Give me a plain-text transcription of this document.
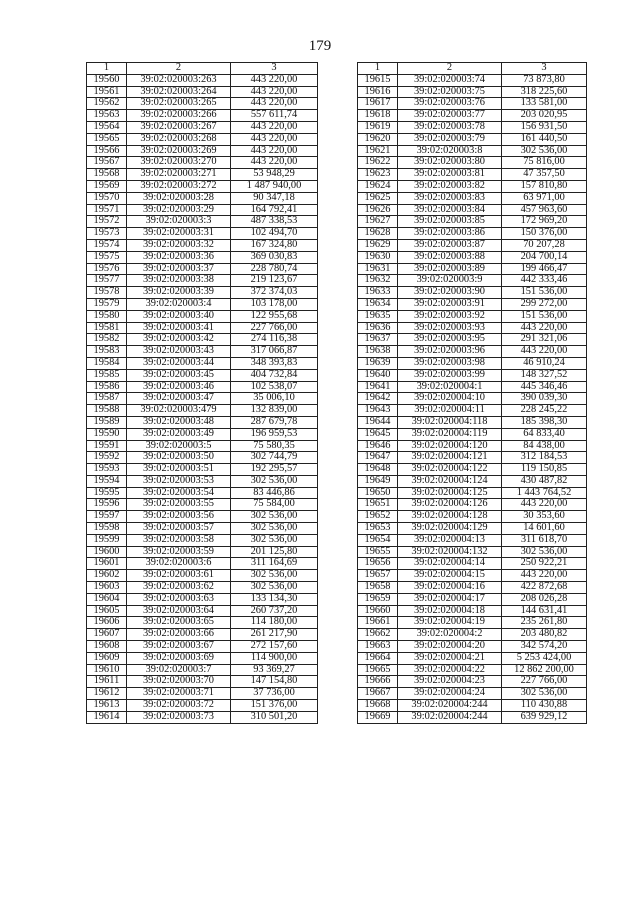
179
1	2	3
19560	39:02:020003:263	443 220,00
19561	39:02:020003:264	443 220,00
19562	39:02:020003:265	443 220,00
19563	39:02:020003:266	557 611,74
19564	39:02:020003:267	443 220,00
19565	39:02:020003:268	443 220,00
19566	39:02:020003:269	443 220,00
19567	39:02:020003:270	443 220,00
19568	39:02:020003:271	53 948,29
19569	39:02:020003:272	1 487 940,00
19570	39:02:020003:28	90 347,18
19571	39:02:020003:29	164 792,41
19572	39:02:020003:3	487 338,53
19573	39:02:020003:31	102 494,70
19574	39:02:020003:32	167 324,80
19575	39:02:020003:36	369 030,83
19576	39:02:020003:37	228 780,74
19577	39:02:020003:38	219 123,67
19578	39:02:020003:39	372 374,03
19579	39:02:020003:4	103 178,00
19580	39:02:020003:40	122 955,68
19581	39:02:020003:41	227 766,00
19582	39:02:020003:42	274 116,38
19583	39:02:020003:43	317 066,87
19584	39:02:020003:44	348 393,83
19585	39:02:020003:45	404 732,84
19586	39:02:020003:46	102 538,07
19587	39:02:020003:47	35 006,10
19588	39:02:020003:479	132 839,00
19589	39:02:020003:48	287 679,78
19590	39:02:020003:49	196 959,53
19591	39:02:020003:5	75 580,35
19592	39:02:020003:50	302 744,79
19593	39:02:020003:51	192 295,57
19594	39:02:020003:53	302 536,00
19595	39:02:020003:54	83 446,86
19596	39:02:020003:55	75 584,00
19597	39:02:020003:56	302 536,00
19598	39:02:020003:57	302 536,00
19599	39:02:020003:58	302 536,00
19600	39:02:020003:59	201 125,80
19601	39:02:020003:6	311 164,69
19602	39:02:020003:61	302 536,00
19603	39:02:020003:62	302 536,00
19604	39:02:020003:63	133 134,30
19605	39:02:020003:64	260 737,20
19606	39:02:020003:65	114 180,00
19607	39:02:020003:66	261 217,90
19608	39:02:020003:67	272 157,60
19609	39:02:020003:69	114 900,00
19610	39:02:020003:7	93 369,27
19611	39:02:020003:70	147 154,80
19612	39:02:020003:71	37 736,00
19613	39:02:020003:72	151 376,00
19614	39:02:020003:73	310 501,20
1	2	3
19615	39:02:020003:74	73 873,80
19616	39:02:020003:75	318 225,60
19617	39:02:020003:76	133 581,00
19618	39:02:020003:77	203 020,95
19619	39:02:020003:78	156 931,50
19620	39:02:020003:79	161 440,50
19621	39:02:020003:8	302 536,00
19622	39:02:020003:80	75 816,00
19623	39:02:020003:81	47 357,50
19624	39:02:020003:82	157 810,80
19625	39:02:020003:83	63 971,00
19626	39:02:020003:84	457 963,60
19627	39:02:020003:85	172 969,20
19628	39:02:020003:86	150 376,00
19629	39:02:020003:87	70 207,28
19630	39:02:020003:88	204 700,14
19631	39:02:020003:89	199 466,47
19632	39:02:020003:9	442 333,46
19633	39:02:020003:90	151 536,00
19634	39:02:020003:91	299 272,00
19635	39:02:020003:92	151 536,00
19636	39:02:020003:93	443 220,00
19637	39:02:020003:95	291 321,06
19638	39:02:020003:96	443 220,00
19639	39:02:020003:98	46 910,24
19640	39:02:020003:99	148 327,52
19641	39:02:020004:1	445 346,46
19642	39:02:020004:10	390 039,30
19643	39:02:020004:11	228 245,22
19644	39:02:020004:118	185 398,30
19645	39:02:020004:119	64 833,40
19646	39:02:020004:120	84 438,00
19647	39:02:020004:121	312 184,53
19648	39:02:020004:122	119 150,85
19649	39:02:020004:124	430 487,82
19650	39:02:020004:125	1 443 764,52
19651	39:02:020004:126	443 220,00
19652	39:02:020004:128	30 353,60
19653	39:02:020004:129	14 601,60
19654	39:02:020004:13	311 618,70
19655	39:02:020004:132	302 536,00
19656	39:02:020004:14	250 922,21
19657	39:02:020004:15	443 220,00
19658	39:02:020004:16	422 872,68
19659	39:02:020004:17	208 026,28
19660	39:02:020004:18	144 631,41
19661	39:02:020004:19	235 261,80
19662	39:02:020004:2	203 480,82
19663	39:02:020004:20	342 574,20
19664	39:02:020004:21	5 253 424,00
19665	39:02:020004:22	12 862 200,00
19666	39:02:020004:23	227 766,00
19667	39:02:020004:24	302 536,00
19668	39:02:020004:244	110 430,88
19669	39:02:020004:244	639 929,12
